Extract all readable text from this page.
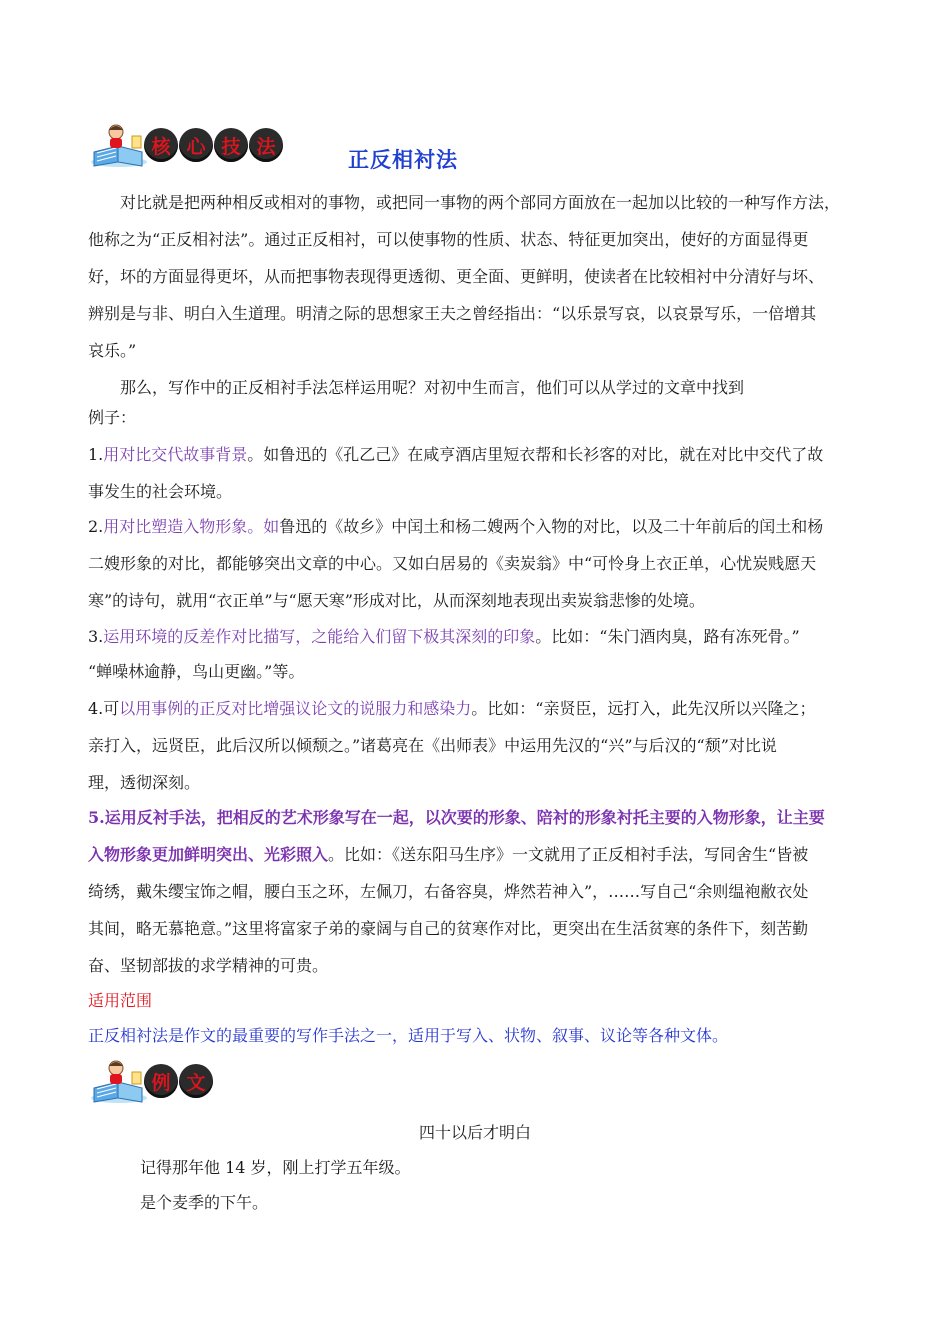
核 心 技 法
正反相衬法
对比就是把两种相反或相对的事物，或把同一事物的两个部同方面放在一起加以比较的一种写作方法，
他称之为“正反相衬法”。通过正反相衬，可以使事物的性质、状态、特征更加突出，使好的方面显得更
好，坏的方面显得更坏，从而把事物表现得更透彻、更全面、更鲜明，使读者在比较相衬中分清好与坏、
辨别是与非、明白入生道理。明清之际的思想家王夫之曾经指出：“以乐景写哀，以哀景写乐，一倍增其
哀乐。”
那么，写作中的正反相衬手法怎样运用呢？对初中生而言，他们可以从学过的文章中找到
例子：
1.用对比交代故事背景。如鲁迅的《孔乙己》在咸亨酒店里短衣帮和长衫客的对比，就在对比中交代了故
事发生的社会环境。
2.用对比塑造入物形象。如鲁迅的《故乡》中闰土和杨二嫂两个入物的对比，以及二十年前后的闰土和杨
二嫂形象的对比，都能够突出文章的中心。又如白居易的《卖炭翁》中“可怜身上衣正单，心忧炭贱愿天
寒”的诗句，就用“衣正单”与“愿天寒”形成对比，从而深刻地表现出卖炭翁悲惨的处境。
3.运用环境的反差作对比描写，之能给入们留下极其深刻的印象。比如：“朱门酒肉臭，路有冻死骨。”
“蝉噪林逾静，鸟山更幽。”等。
4.可以用事例的正反对比增强议论文的说服力和感染力。比如：“亲贤臣，远打入，此先汉所以兴隆之；
亲打入，远贤臣，此后汉所以倾颓之。”诸葛亮在《出师表》中运用先汉的“兴”与后汉的“颓”对比说
理，透彻深刻。
5.运用反衬手法，把相反的艺术形象写在一起，以次要的形象、陪衬的形象衬托主要的入物形象，让主要
入物形象更加鲜明突出、光彩照入。比如：《送东阳马生序》一文就用了正反相衬手法，写同舍生“皆被
绮绣，戴朱缨宝饰之帽，腰白玉之环，左佩刀，右备容臭，烨然若神入”，……写自己“余则缊袍敝衣处
其间，略无慕艳意。”这里将富家子弟的豪阔与自己的贫寒作对比，更突出在生活贫寒的条件下，刻苦勤
奋、坚韧部拔的求学精神的可贵。
适用范围
正反相衬法是作文的最重要的写作手法之一，适用于写入、状物、叙事、议论等各种文体。
例 文
四十以后才明白
记得那年他 14 岁，刚上打学五年级。
是个麦季的下午。
